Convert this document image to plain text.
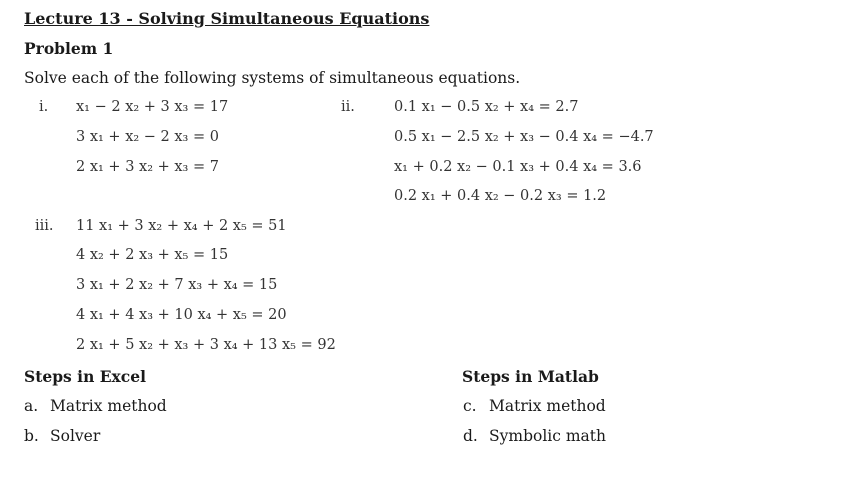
Lecture 13 - Solving Simultaneous Equations
Problem 1
Solve each of the following systems of simultaneous equations.
i. x₁ − 2 x₂ + 3 x₃ = 17
3 x₁ + x₂ − 2 x₃ = 0
2 x₁ + 3 x₂ + x₃ = 7
ii.	0.1 x₁ − 0.5 x₂ + x₄ = 2.7
0.5 x₁ − 2.5 x₂ + x₃ − 0.4 x₄ = −4.7
x₁ + 0.2 x₂ − 0.1 x₃ + 0.4 x₄ = 3.6
0.2 x₁ + 0.4 x₂ − 0.2 x₃ = 1.2
iii. 11 x₁ + 3 x₂ + x₄ + 2 x₅ = 51
4 x₂ + 2 x₃ + x₅ = 15
3 x₁ + 2 x₂ + 7 x₃ + x₄ = 15
4 x₁ + 4 x₃ + 10 x₄ + x₅ = 20
2 x₁ + 5 x₂ + x₃ + 3 x₄ + 13 x₅ = 92
Steps in Excel
a. Matrix method
b. Solver
Steps in Matlab
c. Matrix method
d. Symbolic math
